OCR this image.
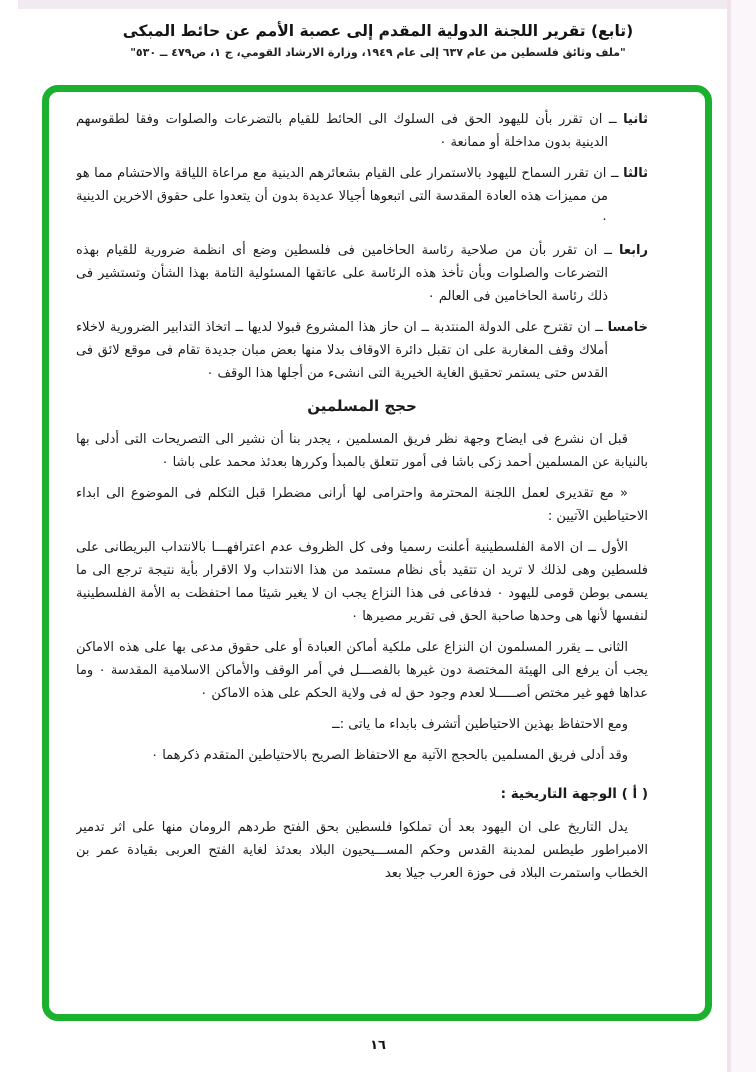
(تابع) تقرير اللجنة الدولية المقدم إلى عصبة الأمم عن حائط المبكى
"ملف وثائق فلسطين من عام ٦٣٧ إلى عام ١٩٤٩، وزارة الارشاد القومي، ج ١، ص٤٧٩ ــ ٥٣٠"

ثانيا ــ ان تقرر بأن لليهود الحق فى السلوك الى الحائط للقيام بالتضرعات والصلوات وفقا لطقوسهم الدينية بدون مداخلة أو ممانعة ٠

ثالثا ــ ان تقرر السماح لليهود بالاستمرار على القيام بشعائرهم الدينية مع مراعاة اللياقة والاحتشام مما هو من مميزات هذه العادة المقدسة التى اتبعوها أجيالا عديدة بدون أن يتعدوا على حقوق الاخرين الدينية ٠

رابعا ــ ان تقرر بأن من صلاحية رئاسة الحاخامين فى فلسطين وضع أى انظمة ضرورية للقيام بهذه التضرعات والصلوات وبأن تأخذ هذه الرئاسة على عاتقها المسئولية التامة بهذا الشأن وتستشير فى ذلك رئاسة الحاخامين فى العالم ٠

خامسا ــ ان تقترح على الدولة المنتدبة ــ ان حاز هذا المشروع قبولا لديها ــ اتخاذ التدابير الضرورية لاخلاء أملاك وقف المغاربة على ان تقبل دائرة الاوقاف بدلا منها بعض مبان جديدة تقام فى موقع لائق فى القدس حتى يستمر تحقيق الغاية الخيرية التى انشىء من أجلها هذا الوقف ٠

حجج المسلمين

قبل ان نشرع فى ايضاح وجهة نظر فريق المسلمين ، يجدر بنا أن نشير الى التصريحات التى أدلى بها بالنيابة عن المسلمين أحمد زكى باشا فى أمور تتعلق بالمبدأ وكررها بعدئذ محمد على باشا ٠

« مع تقديرى لعمل اللجنة المحترمة واحترامى لها أرانى مضطرا قبل التكلم فى الموضوع الى ابداء الاحتياطين الآتيين :

الأول ــ ان الامة الفلسطينية أعلنت رسميا وفى كل الظروف عدم اعترافهـــا بالانتداب البريطانى على فلسطين وهى لذلك لا تريد ان تتقيد بأى نظام مستمد من هذا الانتداب ولا الاقرار بأية نتيجة ترجع الى ما يسمى بوطن قومى لليهود ٠ فدفاعى فى هذا النزاع يجب ان لا يغير شيئا مما احتفظت به الأمة الفلسطينية لنفسها لأنها هى وحدها صاحبة الحق فى تقرير مصيرها ٠

الثانى ــ يقرر المسلمون ان النزاع على ملكية أماكن العبادة أو على حقوق مدعى بها على هذه الاماكن يجب أن يرفع الى الهيئة المختصة دون غيرها بالفصـــل في أمر الوقف والأماكن الاسلامية المقدسة ٠ وما عداها فهو غير مختص أصـــــلا لعدم وجود حق له فى ولاية الحكم على هذه الاماكن ٠

ومع الاحتفاظ بهذين الاحتياطين أتشرف بابداء ما ياتى :ــ

وقد أدلى فريق المسلمين بالحجج الآتية مع الاحتفاظ الصريح بالاحتياطين المتقدم ذكرهما ٠

( أ ) الوجهة التاريخية :

يدل التاريخ على ان اليهود بعد أن تملكوا فلسطين بحق الفتح طردهم الرومان منها على اثر تدمير الامبراطور طيطس لمدينة القدس وحكم المســـيحيون البلاد بعدئذ لغاية الفتح العربى بقيادة عمر بن الخطاب واستمرت البلاد فى حوزة العرب جيلا بعد

١٦
